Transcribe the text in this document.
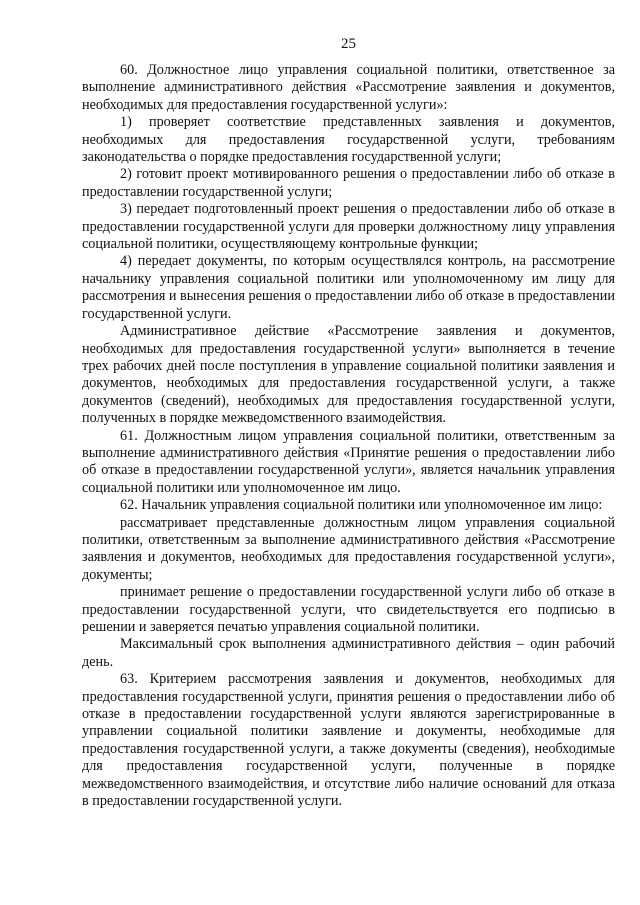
25

60. Должностное лицо управления социальной политики, ответственное за выполнение административного действия «Рассмотрение заявления и документов, необходимых для предоставления государственной услуги»:

1) проверяет соответствие представленных заявления и документов, необходимых для предоставления государственной услуги, требованиям законодательства о порядке предоставления государственной услуги;

2) готовит проект мотивированного решения о предоставлении либо об отказе в предоставлении государственной услуги;

3) передает подготовленный проект решения о предоставлении либо об отказе в предоставлении государственной услуги для проверки должностному лицу управления социальной политики, осуществляющему контрольные функции;

4) передает документы, по которым осуществлялся контроль, на рассмотрение начальнику управления социальной политики или уполномоченному им лицу для рассмотрения и вынесения решения о предоставлении либо об отказе в предоставлении государственной услуги.

Административное действие «Рассмотрение заявления и документов, необходимых для предоставления государственной услуги» выполняется в течение трех рабочих дней после поступления в управление социальной политики заявления и документов, необходимых для предоставления государственной услуги, а также документов (сведений), необходимых для предоставления государственной услуги, полученных в порядке межведомственного взаимодействия.

61. Должностным лицом управления социальной политики, ответственным за выполнение административного действия «Принятие решения о предоставлении либо об отказе в предоставлении государственной услуги», является начальник управления социальной политики или уполномоченное им лицо.

62. Начальник управления социальной политики или уполномоченное им лицо:

рассматривает представленные должностным лицом управления социальной политики, ответственным за выполнение административного действия «Рассмотрение заявления и документов, необходимых для предоставления государственной услуги», документы;

принимает решение о предоставлении государственной услуги либо об отказе в предоставлении государственной услуги, что свидетельствуется его подписью в решении и заверяется печатью управления социальной политики.

Максимальный срок выполнения административного действия – один рабочий день.

63. Критерием рассмотрения заявления и документов, необходимых для предоставления государственной услуги, принятия решения о предоставлении либо об отказе в предоставлении государственной услуги являются зарегистрированные в управлении социальной политики заявление и документы, необходимые для предоставления государственной услуги, а также документы (сведения), необходимые для предоставления государственной услуги, полученные в порядке межведомственного взаимодействия, и отсутствие либо наличие оснований для отказа в предоставлении государственной услуги.
